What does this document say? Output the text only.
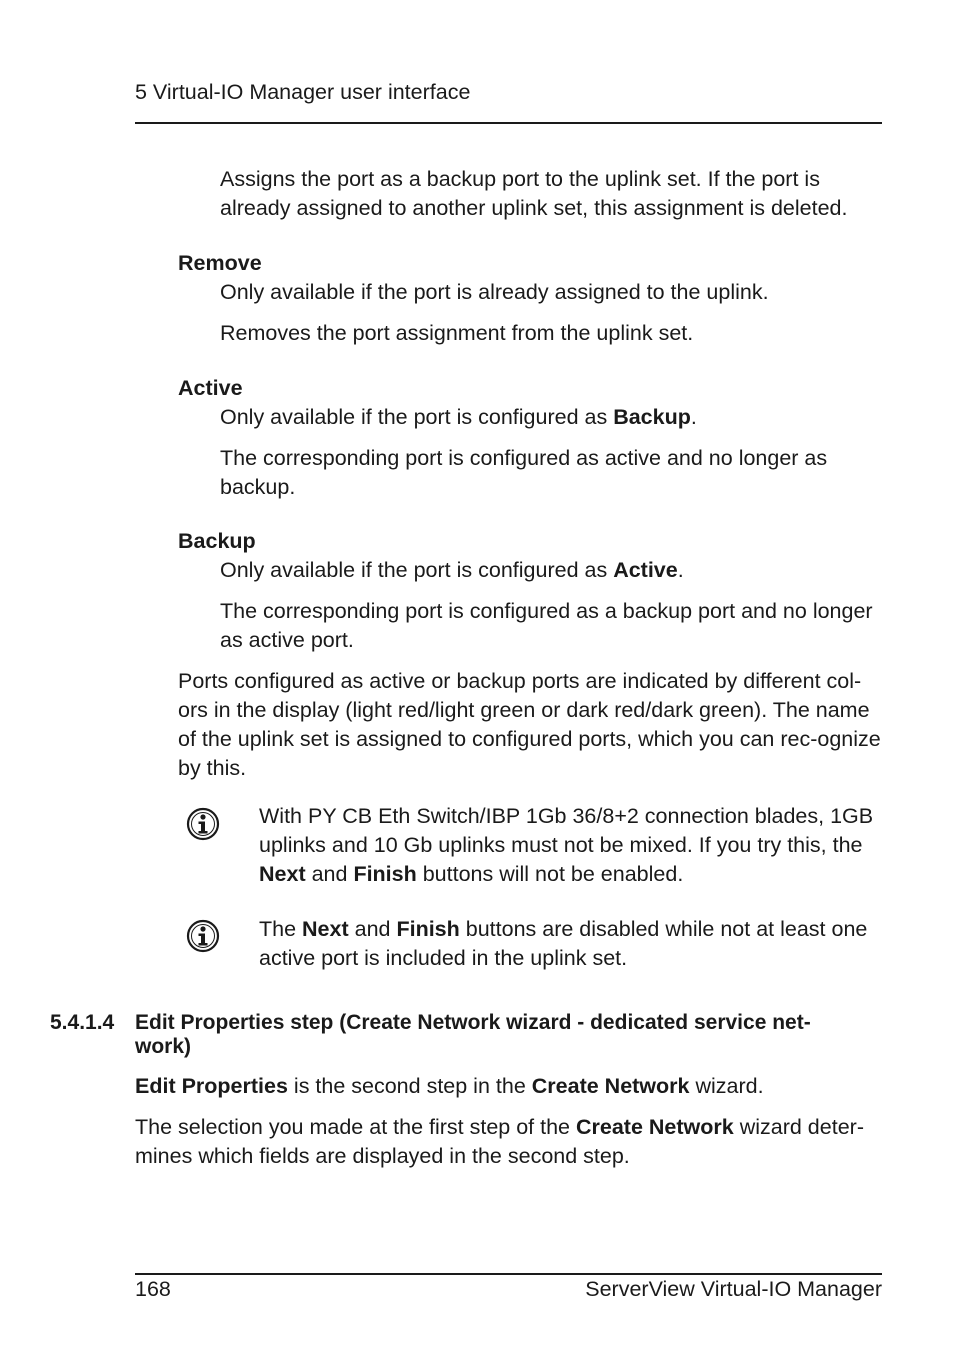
5 Virtual-IO Manager user interface

Assigns the port as a backup port to the uplink set. If the port is already assigned to another uplink set, this assignment is deleted.

Remove

Only available if the port is already assigned to the uplink.

Removes the port assignment from the uplink set.

Active

Only available if the port is configured as Backup.

The corresponding port is configured as active and no longer as backup.

Backup

Only available if the port is configured as Active.

The corresponding port is configured as a backup port and no longer as active port.

Ports configured as active or backup ports are indicated by different col-ors in the display (light red/light green or dark red/dark green). The name of the uplink set is assigned to configured ports, which you can rec-ognize by this.

With PY CB Eth Switch/IBP 1Gb 36/8+2 connection blades, 1GB uplinks and 10 Gb uplinks must not be mixed. If you try this, the Next and Finish buttons will not be enabled.

The Next and Finish buttons are disabled while not at least one active port is included in the uplink set.

5.4.1.4 Edit Properties step (Create Network wizard - dedicated service net-
work)

Edit Properties is the second step in the Create Network wizard.

The selection you made at the first step of the Create Network wizard deter-mines which fields are displayed in the second step.

168	ServerView Virtual-IO Manager
